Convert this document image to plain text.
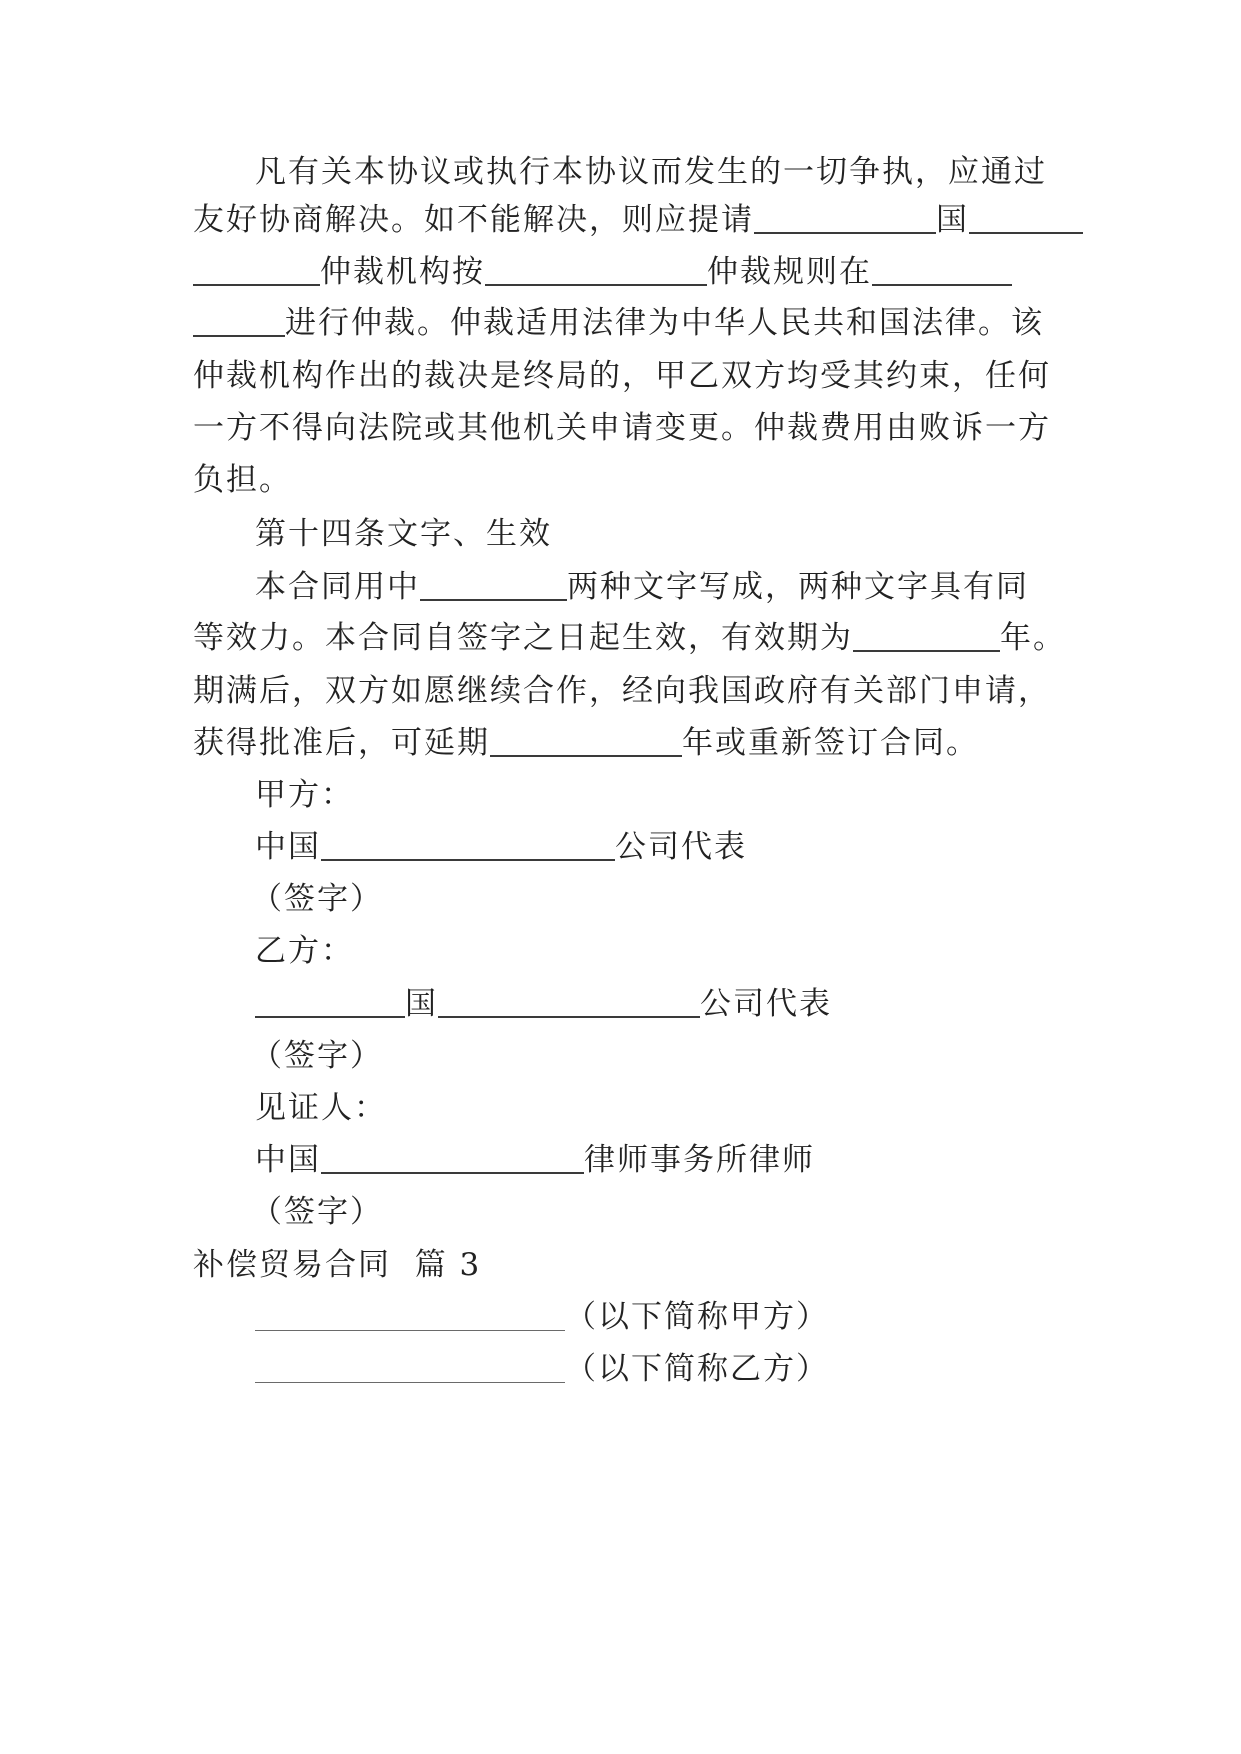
凡有关本协议或执行本协议而发生的一切争执，应通过
友好协商解决。如不能解决，则应提请	国
仲裁机构按	仲裁规则在
进行仲裁。仲裁适用法律为中华人民共和国法律。该
仲裁机构作出的裁决是终局的，甲乙双方均受其约束，任何
一方不得向法院或其他机关申请变更。仲裁费用由败诉一方
负担。
第十四条文字、生效
本合同用中	两种文字写成，两种文字具有同
等效力。本合同自签字之日起生效，有效期为	年。
期满后，双方如愿继续合作，经向我国政府有关部门申请，
获得批准后，可延期	年或重新签订合同。
甲方：
中国	公司代表
（签字）
乙方：
国	公司代表
（签字）
见证人：
中国	律师事务所律师
（签字）
补偿贸易合同  篇 3
（以下简称甲方）
（以下简称乙方）
